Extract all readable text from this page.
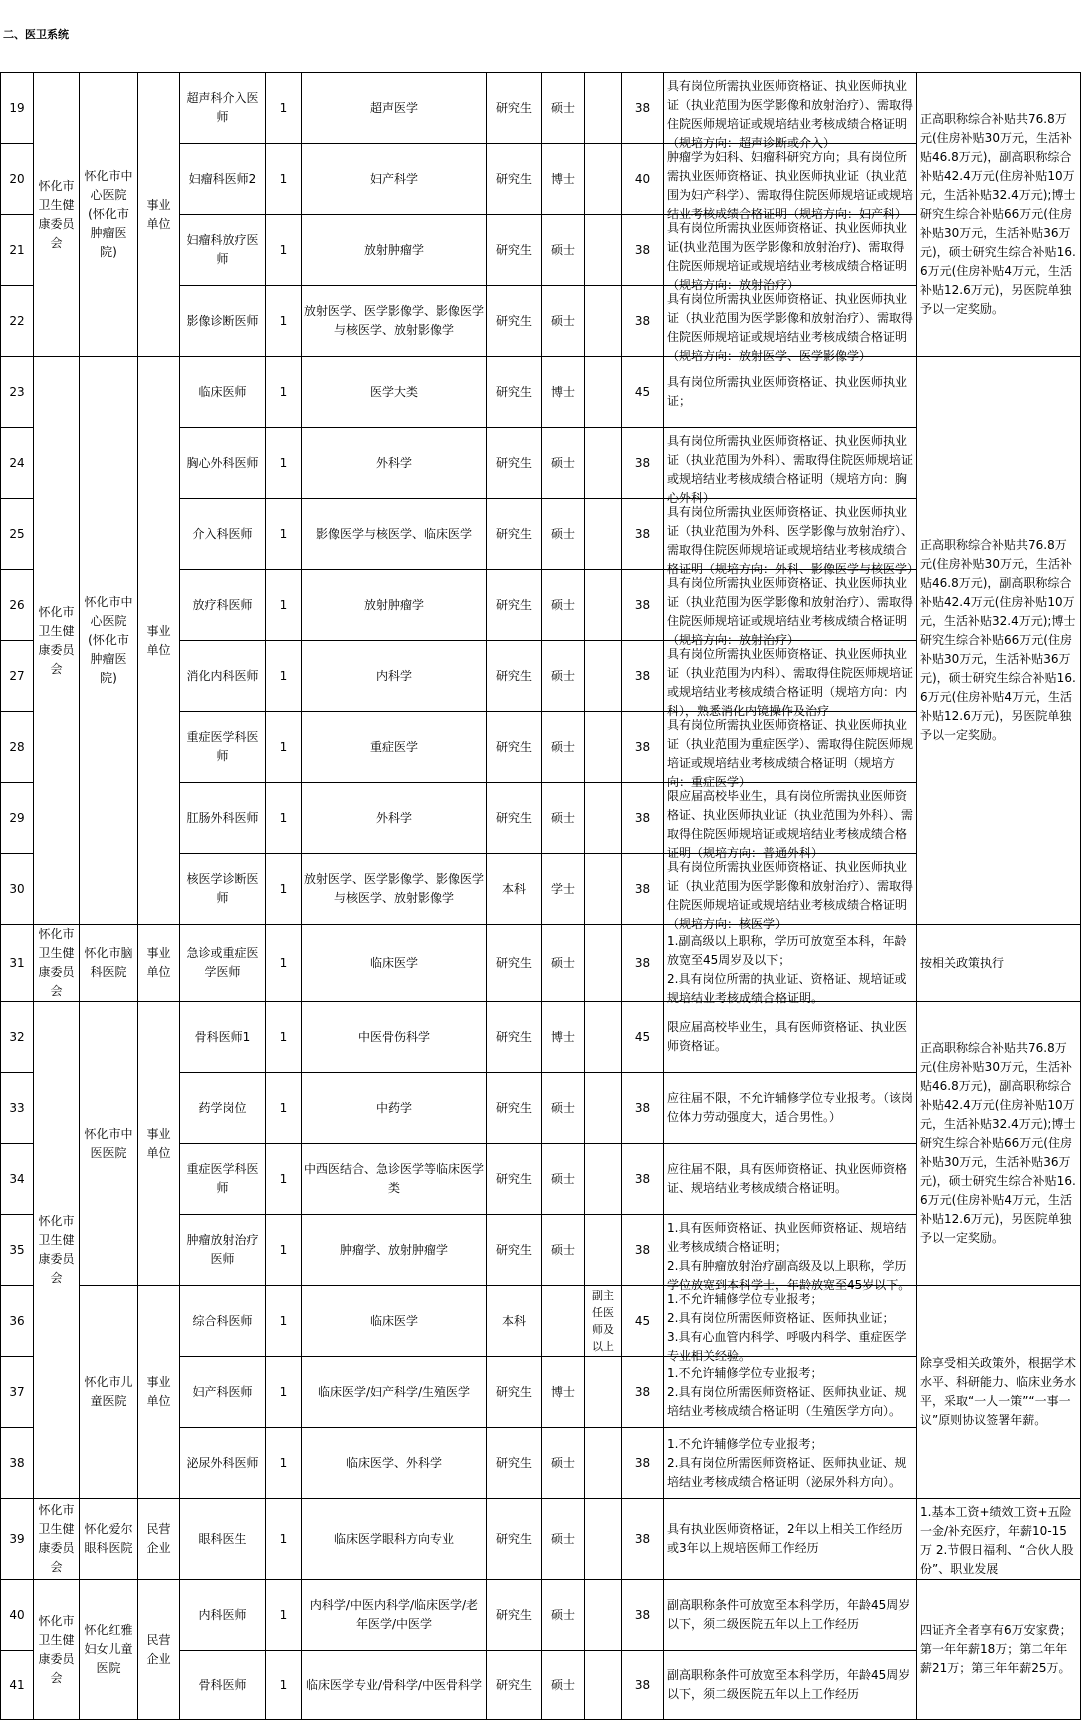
二、医卫系统
19	怀化市卫生健康委员会	怀化市中心医院(怀化市肿瘤医院)	事业单位	超声科介入医师	1	超声医学	研究生	硕士		38	具有岗位所需执业医师资格证、执业医师执业证（执业范围为医学影像和放射治疗）、需取得住院医师规培证或规培结业考核成绩合格证明（规培方向：超声诊断或介入）	正高职称综合补贴共76.8万元(住房补贴30万元，生活补贴46.8万元)，副高职称综合补贴42.4万元(住房补贴10万元，生活补贴32.4万元);博士研究生综合补贴66万元(住房补贴30万元，生活补贴36万元)，硕士研究生综合补贴16.6万元(住房补贴4万元，生活补贴12.6万元)，另医院单独予以一定奖励。
20				妇瘤科医师2	1	妇产科学	研究生	博士		40	肿瘤学为妇科、妇瘤科研究方向；具有岗位所需执业医师资格证、执业医师执业证（执业范围为妇产科学）、需取得住院医师规培证或规培结业考核成绩合格证明（规培方向：妇产科）	

21				妇瘤科放疗医师	1	放射肿瘤学	研究生	硕士		38	具有岗位所需执业医师资格证、执业医师执业证(执业范围为医学影像和放射治疗)、需取得住院医师规培证或规培结业考核成绩合格证明（规培方向：放射治疗）	

22				影像诊断医师	1	放射医学、医学影像学、影像医学与核医学、放射影像学	研究生	硕士		38	具有岗位所需执业医师资格证、执业医师执业证（执业范围为医学影像和放射治疗）、需取得住院医师规培证或规培结业考核成绩合格证明（规培方向：放射医学、医学影像学）	

23	怀化市卫生健康委员会	怀化市中心医院(怀化市肿瘤医院)	事业单位	临床医师	1	医学大类	研究生	博士		45	具有岗位所需执业医师资格证、执业医师执业证；	正高职称综合补贴共76.8万元(住房补贴30万元，生活补贴46.8万元)，副高职称综合补贴42.4万元(住房补贴10万元，生活补贴32.4万元);博士研究生综合补贴66万元(住房补贴30万元，生活补贴36万元)，硕士研究生综合补贴16.6万元(住房补贴4万元，生活补贴12.6万元)，另医院单独予以一定奖励。
24				胸心外科医师	1	外科学	研究生	硕士		38	具有岗位所需执业医师资格证、执业医师执业证（执业范围为外科）、需取得住院医师规培证或规培结业考核成绩合格证明（规培方向：胸心外科）	

25				介入科医师	1	影像医学与核医学、临床医学	研究生	硕士		38	具有岗位所需执业医师资格证、执业医师执业证（执业范围为外科、医学影像与放射治疗）、需取得住院医师规培证或规培结业考核成绩合格证明（规培方向：外科、影像医学与核医学）	

26				放疗科医师	1	放射肿瘤学	研究生	硕士		38	具有岗位所需执业医师资格证、执业医师执业证（执业范围为医学影像和放射治疗）、需取得住院医师规培证或规培结业考核成绩合格证明（规培方向：放射治疗）	

27				消化内科医师	1	内科学	研究生	硕士		38	具有岗位所需执业医师资格证、执业医师执业证（执业范围为内科）、需取得住院医师规培证或规培结业考核成绩合格证明（规培方向：内科），熟悉消化内镜操作及治疗	

28				重症医学科医师	1	重症医学	研究生	硕士		38	具有岗位所需执业医师资格证、执业医师执业证（执业范围为重症医学）、需取得住院医师规培证或规培结业考核成绩合格证明（规培方向：重症医学）	

29				肛肠外科医师	1	外科学	研究生	硕士		38	限应届高校毕业生，具有岗位所需执业医师资格证、执业医师执业证（执业范围为外科）、需取得住院医师规培证或规培结业考核成绩合格证明（规培方向：普通外科）	

30				核医学诊断医师	1	放射医学、医学影像学、影像医学与核医学、放射影像学	本科	学士		38	具有岗位所需执业医师资格证、执业医师执业证（执业范围为医学影像和放射治疗）、需取得住院医师规培证或规培结业考核成绩合格证明（规培方向：核医学）	

31	怀化市卫生健康委员会	怀化市脑科医院	事业单位	急诊或重症医学医师	1	临床医学	研究生	硕士		38	1.副高级以上职称，学历可放宽至本科，年龄放宽至45周岁及以下；
2.具有岗位所需的执业证、资格证、规培证或规培结业考核成绩合格证明。	按相关政策执行
32	怀化市卫生健康委员会	怀化市中医医院	事业单位	骨科医师1	1	中医骨伤科学	研究生	博士		45	限应届高校毕业生，具有医师资格证、执业医师资格证。	正高职称综合补贴共76.8万元(住房补贴30万元，生活补贴46.8万元)，副高职称综合补贴42.4万元(住房补贴10万元，生活补贴32.4万元);博士研究生综合补贴66万元(住房补贴30万元，生活补贴36万元)，硕士研究生综合补贴16.6万元(住房补贴4万元，生活补贴12.6万元)，另医院单独予以一定奖励。
33				药学岗位	1	中药学	研究生	硕士		38	应往届不限，不允许辅修学位专业报考。（该岗位体力劳动强度大，适合男性。）	

34				重症医学科医师	1	中西医结合、急诊医学等临床医学类	研究生	硕士		38	应往届不限，具有医师资格证、执业医师资格证、规培结业考核成绩合格证明。	

35				肿瘤放射治疗医师	1	肿瘤学、放射肿瘤学	研究生	硕士		38	1.具有医师资格证、执业医师资格证、规培结业考核成绩合格证明；
2.具有肿瘤放射治疗副高级及以上职称，学历学位放宽到本科学士，年龄放宽至45岁以下。	

36		怀化市儿童医院	事业单位	综合科医师	1	临床医学	本科		副主任医师及以上	45	1.不允许辅修学位专业报考；
2.具有岗位所需医师资格证、医师执业证；
3.具有心血管内科学、呼吸内科学、重症医学专业相关经验。	除享受相关政策外，根据学术水平、科研能力、临床业务水平，采取“一人一策”“一事一议”原则协议签署年薪。
37				妇产科医师	1	临床医学/妇产科学/生殖医学	研究生	博士		38	1.不允许辅修学位专业报考；
2.具有岗位所需医师资格证、医师执业证、规培结业考核成绩合格证明（生殖医学方向）。	

38				泌尿外科医师	1	临床医学、外科学	研究生	硕士		38	1.不允许辅修学位专业报考；
2.具有岗位所需医师资格证、医师执业证、规培结业考核成绩合格证明（泌尿外科方向）。	

39	怀化市卫生健康委员会	怀化爱尔眼科医院	民营企业	眼科医生	1	临床医学眼科方向专业	研究生	硕士		38	具有执业医师资格证，2年以上相关工作经历或3年以上规培医师工作经历	1.基本工资+绩效工资+五险一金/补充医疗，年薪10-15万 2.节假日福利、“合伙人股份”、职业发展
40	怀化市卫生健康委员会	怀化红雅妇女儿童医院	民营企业	内科医师	1	内科学/中医内科学/临床医学/老年医学/中医学	研究生	硕士		38	副高职称条件可放宽至本科学历，年龄45周岁以下，须二级医院五年以上工作经历	四证齐全者享有6万安家费；第一年年薪18万；第二年年薪21万；第三年年薪25万。
41				骨科医师	1	临床医学专业/骨科学/中医骨科学	研究生	硕士		38	副高职称条件可放宽至本科学历，年龄45周岁以下，须二级医院五年以上工作经历	
